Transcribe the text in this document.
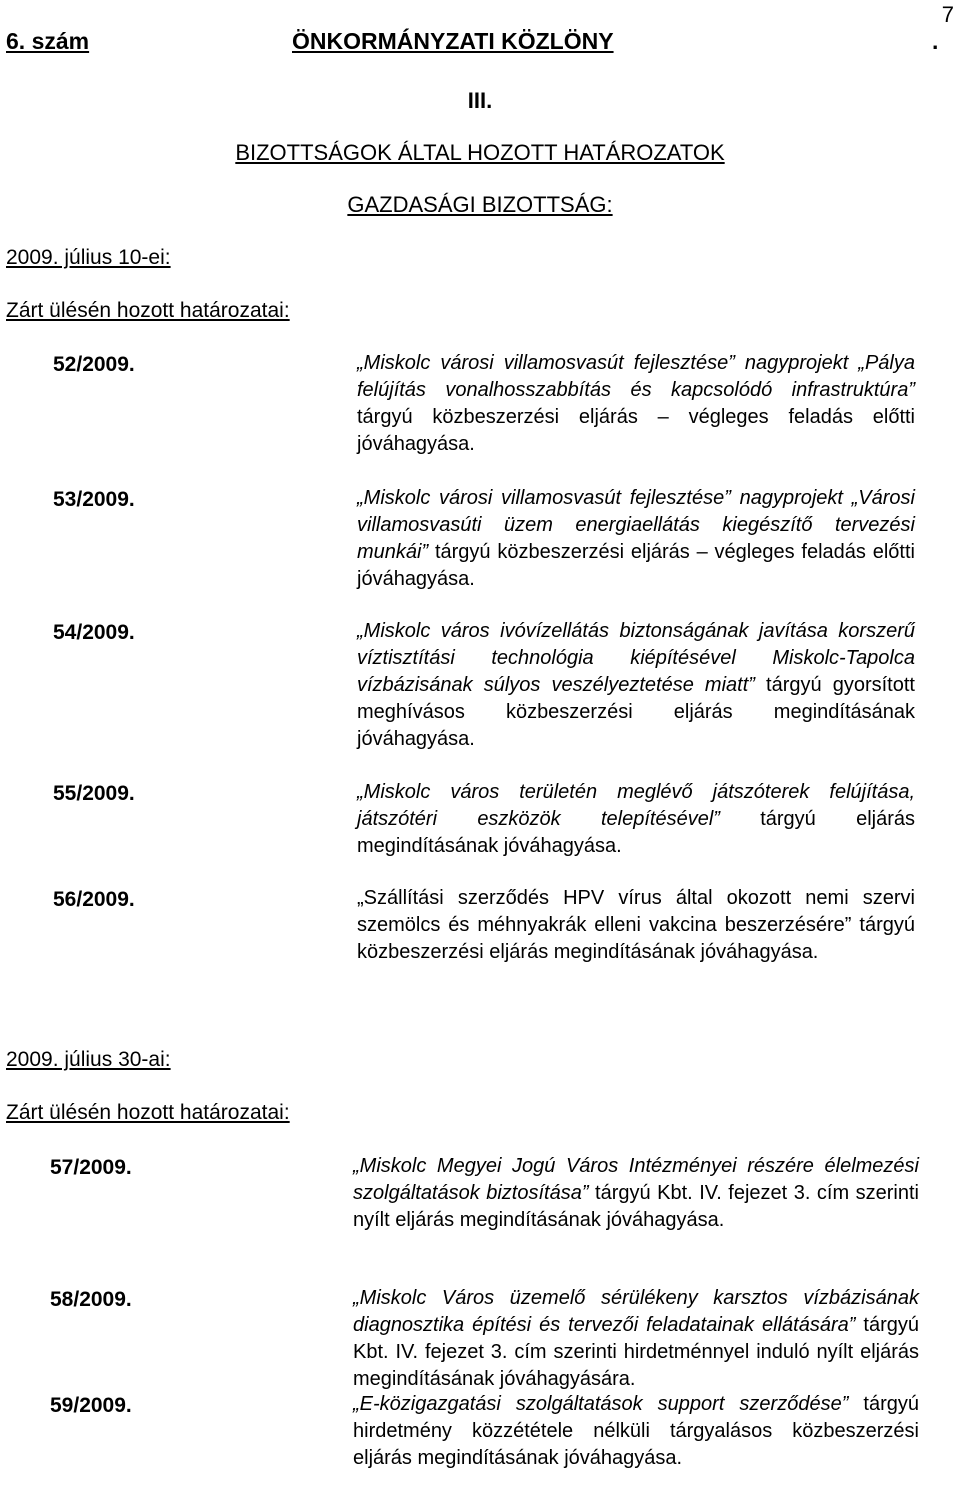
6. szám	ÖNKORMÁNYZATI KÖZLÖNY	.
7
III.
BIZOTTSÁGOK ÁLTAL HOZOTT HATÁROZATOK
GAZDASÁGI BIZOTTSÁG:
2009. július 10-ei:
Zárt ülésén hozott határozatai:
52/2009.	„Miskolc városi villamosvasút fejlesztése” nagyprojekt „Pálya felújítás vonalhosszabbítás és kapcsolódó infrastruktúra” tárgyú közbeszerzési eljárás – végleges feladás előtti jóváhagyása.
53/2009.	„Miskolc városi villamosvasút fejlesztése” nagyprojekt „Városi villamosvasúti üzem energiaellátás kiegészítő tervezési munkái” tárgyú közbeszerzési eljárás – végleges feladás előtti jóváhagyása.
54/2009.	„Miskolc város ivóvízellátás biztonságának javítása korszerű víztisztítási technológia kiépítésével Miskolc-Tapolca vízbázisának súlyos veszélyeztetése miatt” tárgyú gyorsított meghívásos közbeszerzési eljárás megindításának jóváhagyása.
55/2009.	„Miskolc város területén meglévő játszóterek felújítása, játszótéri eszközök telepítésével” tárgyú eljárás megindításának jóváhagyása.
56/2009.	„Szállítási szerződés HPV vírus által okozott nemi szervi szemölcs és méhnyakrák elleni vakcina beszerzésére” tárgyú közbeszerzési eljárás megindításának jóváhagyása.
2009. július 30-ai:
Zárt ülésén hozott határozatai:
57/2009.	„Miskolc Megyei Jogú Város Intézményei részére élelmezési szolgáltatások biztosítása” tárgyú Kbt. IV. fejezet 3. cím szerinti nyílt eljárás megindításának jóváhagyása.
58/2009.	„Miskolc Város üzemelő sérülékeny karsztos vízbázisának diagnosztika építési és tervezői feladatainak ellátására” tárgyú Kbt. IV. fejezet 3. cím szerinti hirdetménnyel induló nyílt eljárás megindításának jóváhagyására.
59/2009.	„E-közigazgatási szolgáltatások support szerződése” tárgyú hirdetmény közzététele nélküli tárgyalásos közbeszerzési eljárás megindításának jóváhagyása.
